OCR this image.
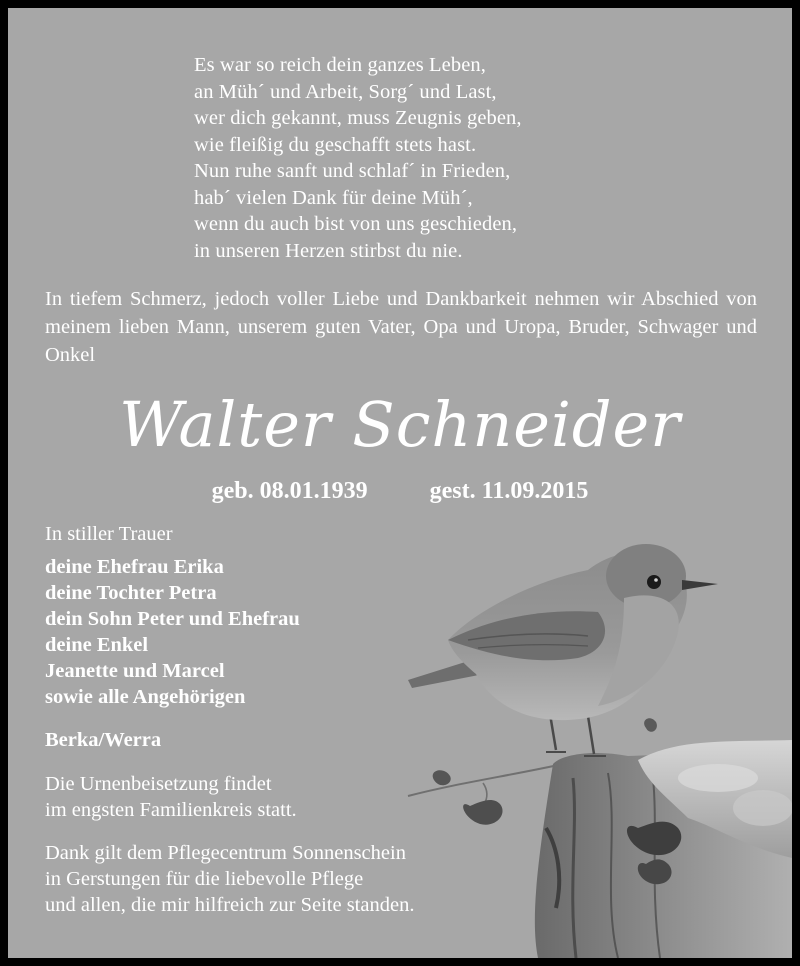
Es war so reich dein ganzes Leben,
an Müh´ und Arbeit, Sorg´ und Last,
wer dich gekannt, muss Zeugnis geben,
wie fleißig du geschafft stets hast.
Nun ruhe sanft und schlaf´ in Frieden,
hab´ vielen Dank für deine Müh´,
wenn du auch bist von uns geschieden,
in unseren Herzen stirbst du nie.
In tiefem Schmerz, jedoch voller Liebe und Dankbarkeit nehmen wir Abschied von meinem lieben Mann, unserem guten Vater, Opa und Uropa, Bruder, Schwager und Onkel
Walter Schneider
geb. 08.01.1939	gest. 11.09.2015
In stiller Trauer
deine Ehefrau Erika
deine Tochter Petra
dein Sohn Peter und Ehefrau
deine Enkel
Jeanette und Marcel
sowie alle Angehörigen
Berka/Werra
Die Urnenbeisetzung findet
im engsten Familienkreis statt.
Dank gilt dem Pflegecentrum Sonnenschein
in Gerstungen für die liebevolle Pflege
und allen, die mir hilfreich zur Seite standen.
